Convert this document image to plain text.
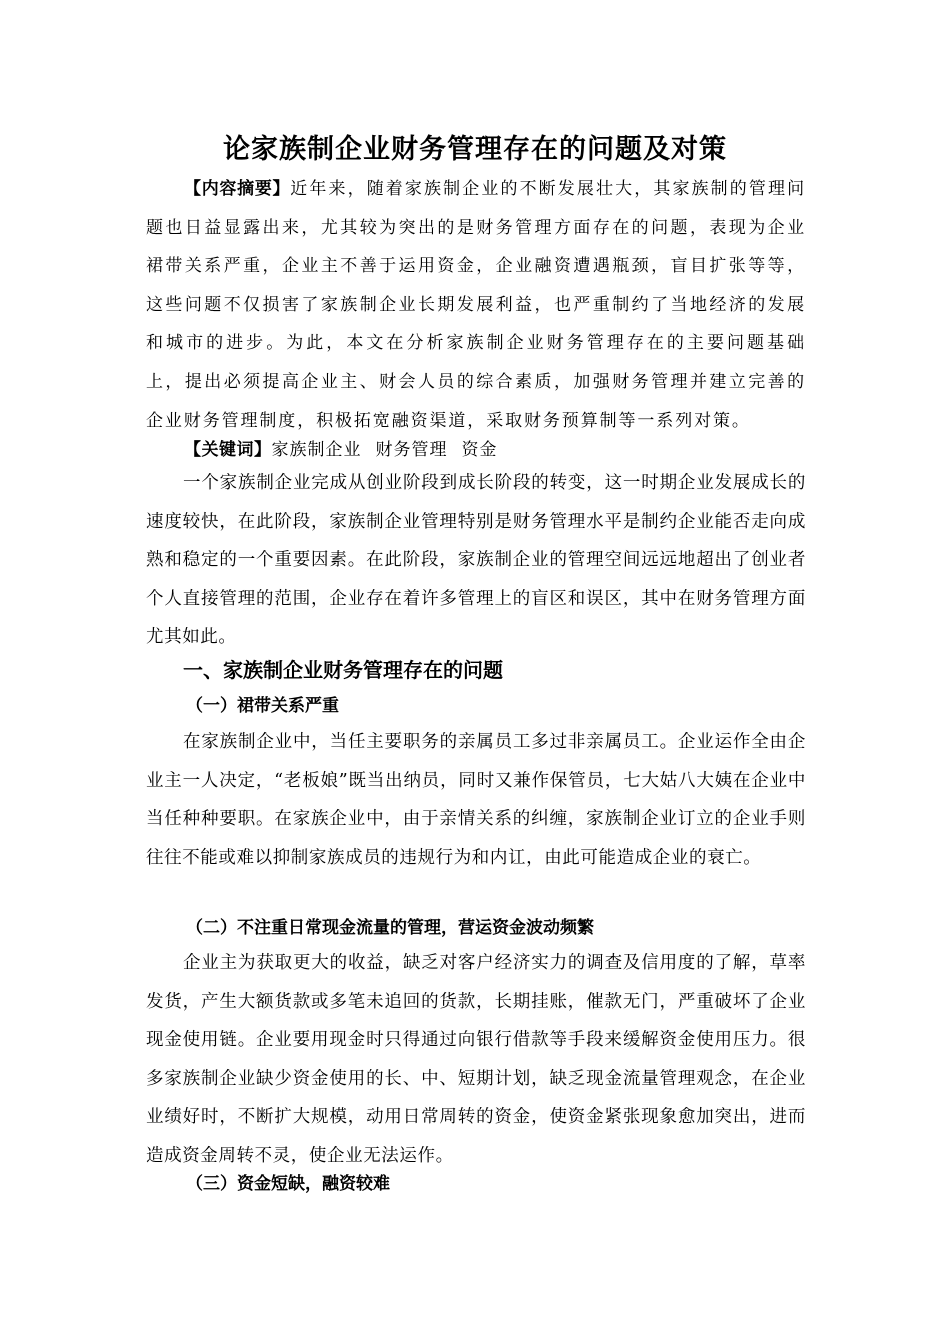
论家族制企业财务管理存在的问题及对策

【内容摘要】近年来，随着家族制企业的不断发展壮大，其家族制的管理问题也日益显露出来，尤其较为突出的是财务管理方面存在的问题，表现为企业裙带关系严重，企业主不善于运用资金，企业融资遭遇瓶颈，盲目扩张等等，这些问题不仅损害了家族制企业长期发展利益，也严重制约了当地经济的发展和城市的进步。为此，本文在分析家族制企业财务管理存在的主要问题基础上，提出必须提高企业主、财会人员的综合素质，加强财务管理并建立完善的企业财务管理制度，积极拓宽融资渠道，采取财务预算制等一系列对策。

【关键词】家族制企业 财务管理 资金

一个家族制企业完成从创业阶段到成长阶段的转变，这一时期企业发展成长的速度较快，在此阶段，家族制企业管理特别是财务管理水平是制约企业能否走向成熟和稳定的一个重要因素。在此阶段，家族制企业的管理空间远远地超出了创业者个人直接管理的范围，企业存在着许多管理上的盲区和误区，其中在财务管理方面尤其如此。

一、家族制企业财务管理存在的问题
（一）裙带关系严重

在家族制企业中，当任主要职务的亲属员工多过非亲属员工。企业运作全由企业主一人决定，“老板娘”既当出纳员，同时又兼作保管员，七大姑八大姨在企业中当任种种要职。在家族企业中，由于亲情关系的纠缠，家族制企业订立的企业手则往往不能或难以抑制家族成员的违规行为和内讧，由此可能造成企业的衰亡。

（二）不注重日常现金流量的管理，营运资金波动频繁

企业主为获取更大的收益，缺乏对客户经济实力的调查及信用度的了解，草率发货，产生大额货款或多笔未追回的货款，长期挂账，催款无门，严重破坏了企业现金使用链。企业要用现金时只得通过向银行借款等手段来缓解资金使用压力。很多家族制企业缺少资金使用的长、中、短期计划，缺乏现金流量管理观念，在企业业绩好时，不断扩大规模，动用日常周转的资金，使资金紧张现象愈加突出，进而造成资金周转不灵，使企业无法运作。

（三）资金短缺，融资较难
